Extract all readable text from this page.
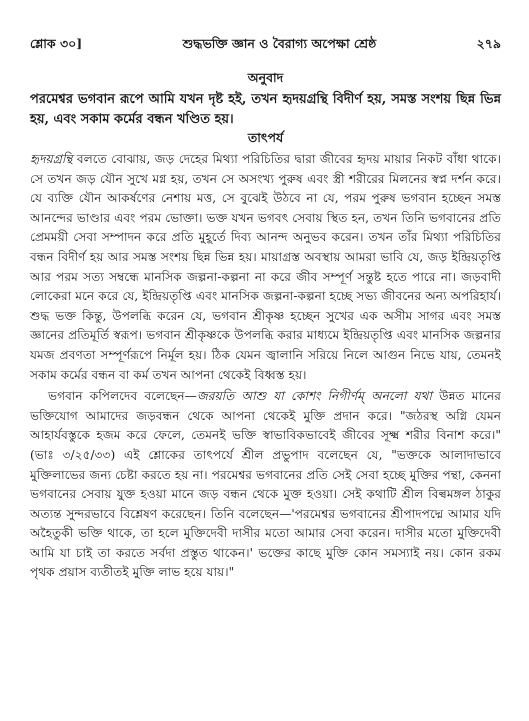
শ্লোক ৩০]	শুদ্ধভক্তি জ্ঞান ও বৈরাগ্য অপেক্ষা শ্রেষ্ঠ	২৭৯

অনুবাদ

পরমেশ্বর ভগবান রূপে আমি যখন দৃষ্ট হই, তখন হৃদয়গ্রন্থি বিদীর্ণ হয়, সমস্ত সংশয় ছিন্ন ভিন্ন হয়, এবং সকাম কর্মের বন্ধন খণ্ডিত হয়।

তাৎপর্য

হৃদয়গ্রন্থি বলতে বোঝায়, জড় দেহের মিথ্যা পরিচিতির দ্বারা জীবের হৃদয় মায়ার নিকট বাঁধা থাকে। সে তখন জড় যৌন সুখে মগ্ন হয়, তখন সে অসংখ্য পুরুষ এবং স্ত্রী শরীরের মিলনের স্বপ্ন দর্শন করে। যে ব্যক্তি যৌন আকর্ষণের নেশায় মত্ত, সে বুঝেই উঠবে না যে, পরম পুরুষ ভগবান হচ্ছেন সমস্ত আনন্দের ভাণ্ডার এবং পরম ভোক্তা। ভক্ত যখন ভগবৎ সেবায় স্থিত হন, তখন তিনি ভগবানের প্রতি প্রেমময়ী সেবা সম্পাদন করে প্রতি মুহূর্তে দিব্য আনন্দ অনুভব করেন। তখন তাঁর মিথ্যা পরিচিতির বন্ধন বিদীর্ণ হয় আর সমস্ত সংশয় ছিন্ন ভিন্ন হয়। মায়াগ্রস্ত অবস্থায় আমরা ভাবি যে, জড় ইন্দ্রিয়তৃপ্তি আর পরম সত্য সম্বন্ধে মানসিক জল্পনা-কল্পনা না করে জীব সম্পূর্ণ সন্তুষ্ট হতে পারে না। জড়বাদী লোকেরা মনে করে যে, ইন্দ্রিয়তৃপ্তি এবং মানসিক জল্পনা-কল্পনা হচ্ছে সভ্য জীবনের অন্য অপরিহার্য। শুদ্ধ ভক্ত কিন্তু, উপলব্ধি করেন যে, ভগবান শ্রীকৃষ্ণ হচ্ছেন সুখের এক অসীম সাগর এবং সমস্ত জ্ঞানের প্রতিমূর্তি স্বরূপ। ভগবান শ্রীকৃষ্ণকে উপলব্ধি করার মাধ্যমে ইন্দ্রিয়তৃপ্তি এবং মানসিক জল্পনার যমজ প্রবণতা সম্পূর্ণরূপে নির্মূল হয়। ঠিক যেমন জ্বালানি সরিয়ে নিলে আগুন নিভে যায়, তেমনই সকাম কর্মের বন্ধন বা কর্ম তখন আপনা থেকেই বিধ্বস্ত হয়।

ভগবান কপিলদেব বলেছেন—জরয়তি আশু যা কোশং নিগীর্ণম্ অনলো যথা উন্নত মানের ভক্তিযোগ আমাদের জড়বন্ধন থেকে আপনা থেকেই মুক্তি প্রদান করে। "জঠরস্থ অগ্নি যেমন আহার্যবস্তুকে হজম করে ফেলে, তেমনই ভক্তি স্বাভাবিকভাবেই জীবের সূক্ষ্ম শরীর বিনাশ করে।" (ভাঃ ৩/২৫/৩৩) এই শ্লোকের তাৎপর্যে শ্রীল প্রভুপাদ বলেছেন যে, "ভক্তকে আলাদাভাবে মুক্তিলাভের জন্য চেষ্টা করতে হয় না। পরমেশ্বর ভগবানের প্রতি সেই সেবা হচ্ছে মুক্তির পন্থা, কেননা ভগবানের সেবায় যুক্ত হওয়া মানে জড় বন্ধন থেকে মুক্ত হওয়া। সেই কথাটি শ্রীল বিল্বমঙ্গল ঠাকুর অত্যন্ত সুন্দরভাবে বিশ্লেষণ করেছেন। তিনি বলেছেন—'পরমেশ্বর ভগবানের শ্রীপাদপদ্মে আমার যদি অহৈতুকী ভক্তি থাকে, তা হলে মুক্তিদেবী দাসীর মতো আমার সেবা করেন। দাসীর মতো মুক্তিদেবী আমি যা চাই তা করতে সর্বদা প্রস্তুত থাকেন।' ভক্তের কাছে মুক্তি কোন সমস্যাই নয়। কোন রকম পৃথক প্রয়াস ব্যতীতই মুক্তি লাভ হয়ে যায়।"
